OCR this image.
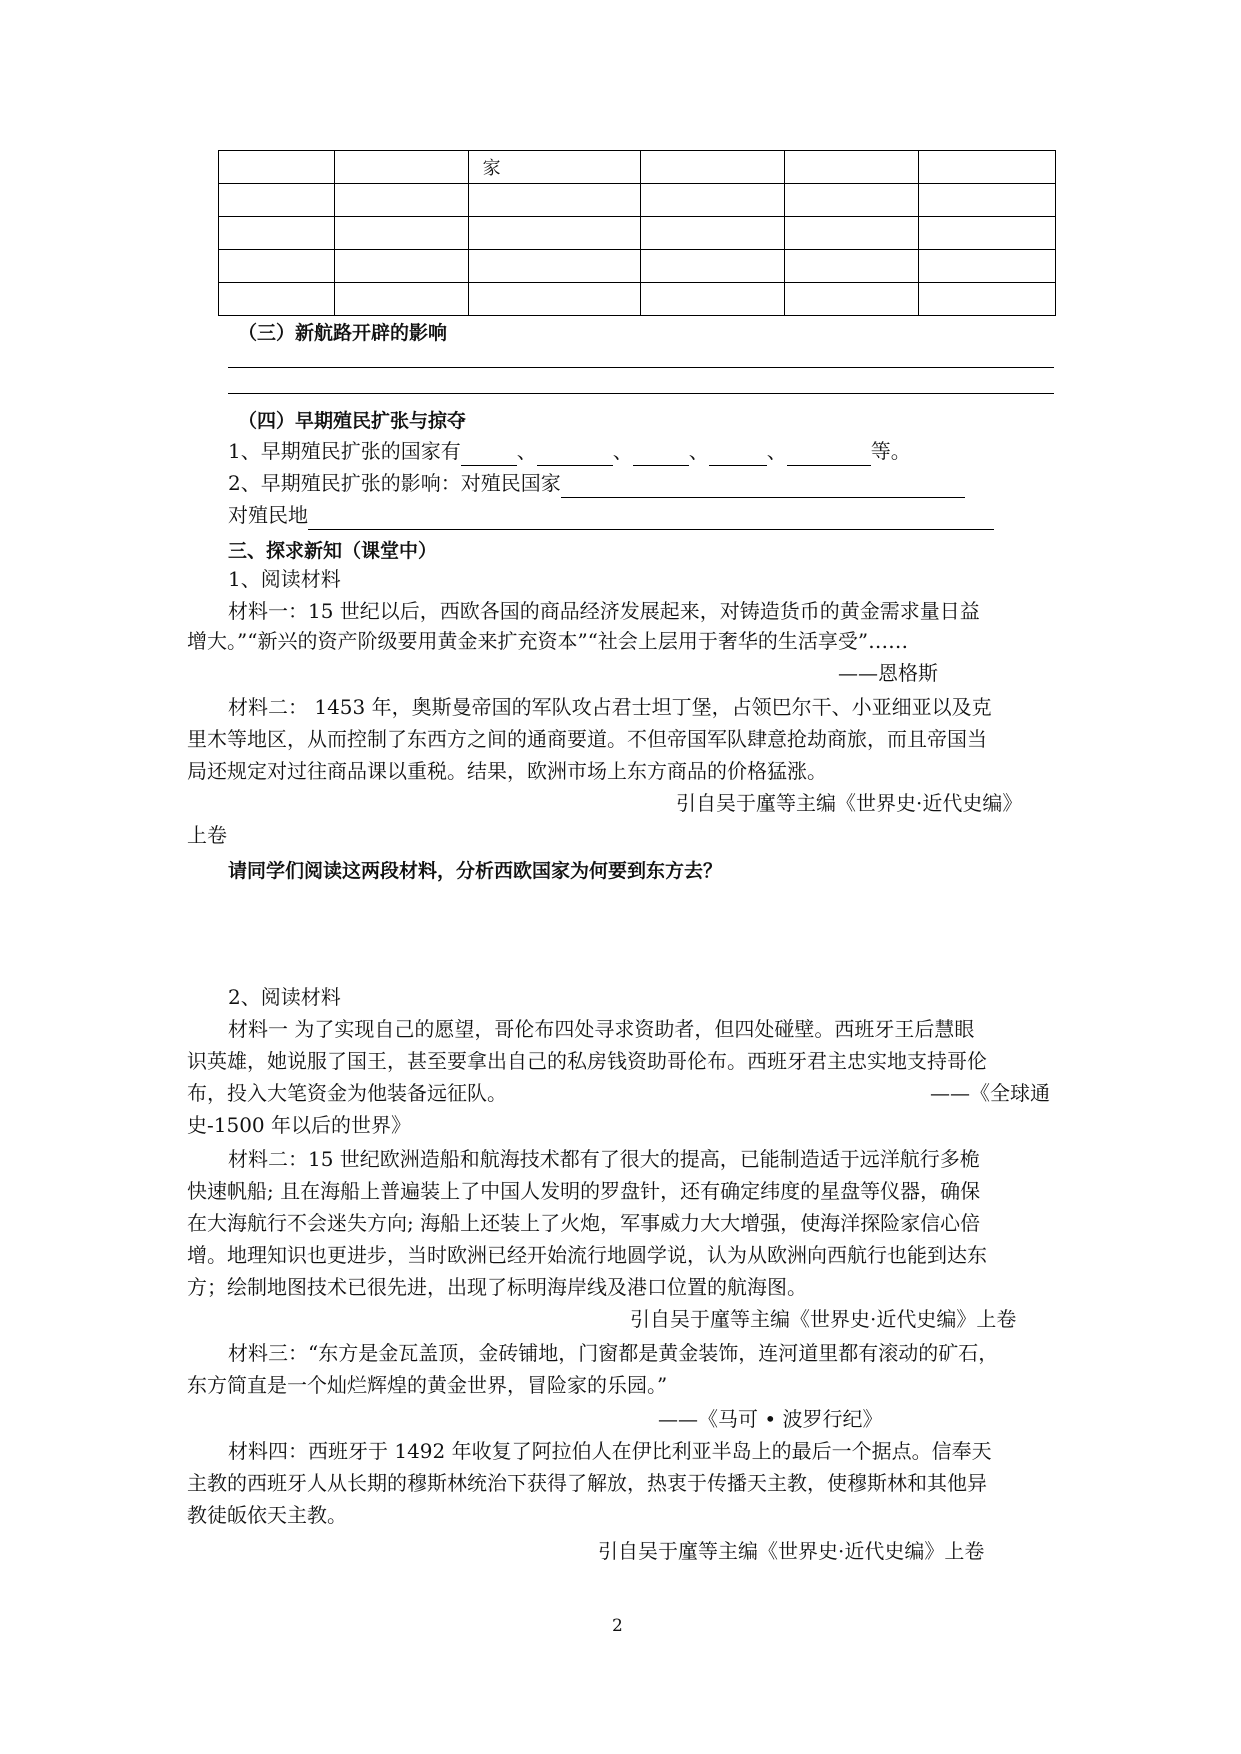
		家			

（三）新航路开辟的影响
（四）早期殖民扩张与掠夺
1、早期殖民扩张的国家有	、	、	、	、	等。
2、早期殖民扩张的影响：对殖民国家
对殖民地
三、探求新知（课堂中）
1、阅读材料
材料一：15 世纪以后，西欧各国的商品经济发展起来，对铸造货币的黄金需求量日益
增大。”“新兴的资产阶级要用黄金来扩充资本”“社会上层用于奢华的生活享受”……
——恩格斯
材料二： 1453 年，奥斯曼帝国的军队攻占君士坦丁堡，占领巴尔干、小亚细亚以及克
里木等地区，从而控制了东西方之间的通商要道。不但帝国军队肆意抢劫商旅，而且帝国当
局还规定对过往商品课以重税。结果，欧洲市场上东方商品的价格猛涨。
引自吴于廑等主编《世界史·近代史编》
上卷
请同学们阅读这两段材料，分析西欧国家为何要到东方去？
2、阅读材料
材料一 为了实现自己的愿望，哥伦布四处寻求资助者，但四处碰壁。西班牙王后慧眼
识英雄，她说服了国王，甚至要拿出自己的私房钱资助哥伦布。西班牙君主忠实地支持哥伦
布，投入大笔资金为他装备远征队。	——《全球通
史-1500 年以后的世界》
材料二：15 世纪欧洲造船和航海技术都有了很大的提高，已能制造适于远洋航行多桅
快速帆船; 且在海船上普遍装上了中国人发明的罗盘针，还有确定纬度的星盘等仪器，确保
在大海航行不会迷失方向; 海船上还装上了火炮，军事威力大大增强，使海洋探险家信心倍
增。地理知识也更进步，当时欧洲已经开始流行地圆学说，认为从欧洲向西航行也能到达东
方；绘制地图技术已很先进，出现了标明海岸线及港口位置的航海图。
引自吴于廑等主编《世界史·近代史编》上卷
材料三：“东方是金瓦盖顶，金砖铺地，门窗都是黄金装饰，连河道里都有滚动的矿石，
东方简直是一个灿烂辉煌的黄金世界，冒险家的乐园。”
——《马可 • 波罗行纪》
材料四：西班牙于 1492 年收复了阿拉伯人在伊比利亚半岛上的最后一个据点。信奉天
主教的西班牙人从长期的穆斯林统治下获得了解放，热衷于传播天主教，使穆斯林和其他异
教徒皈依天主教。
引自吴于廑等主编《世界史·近代史编》上卷
2
